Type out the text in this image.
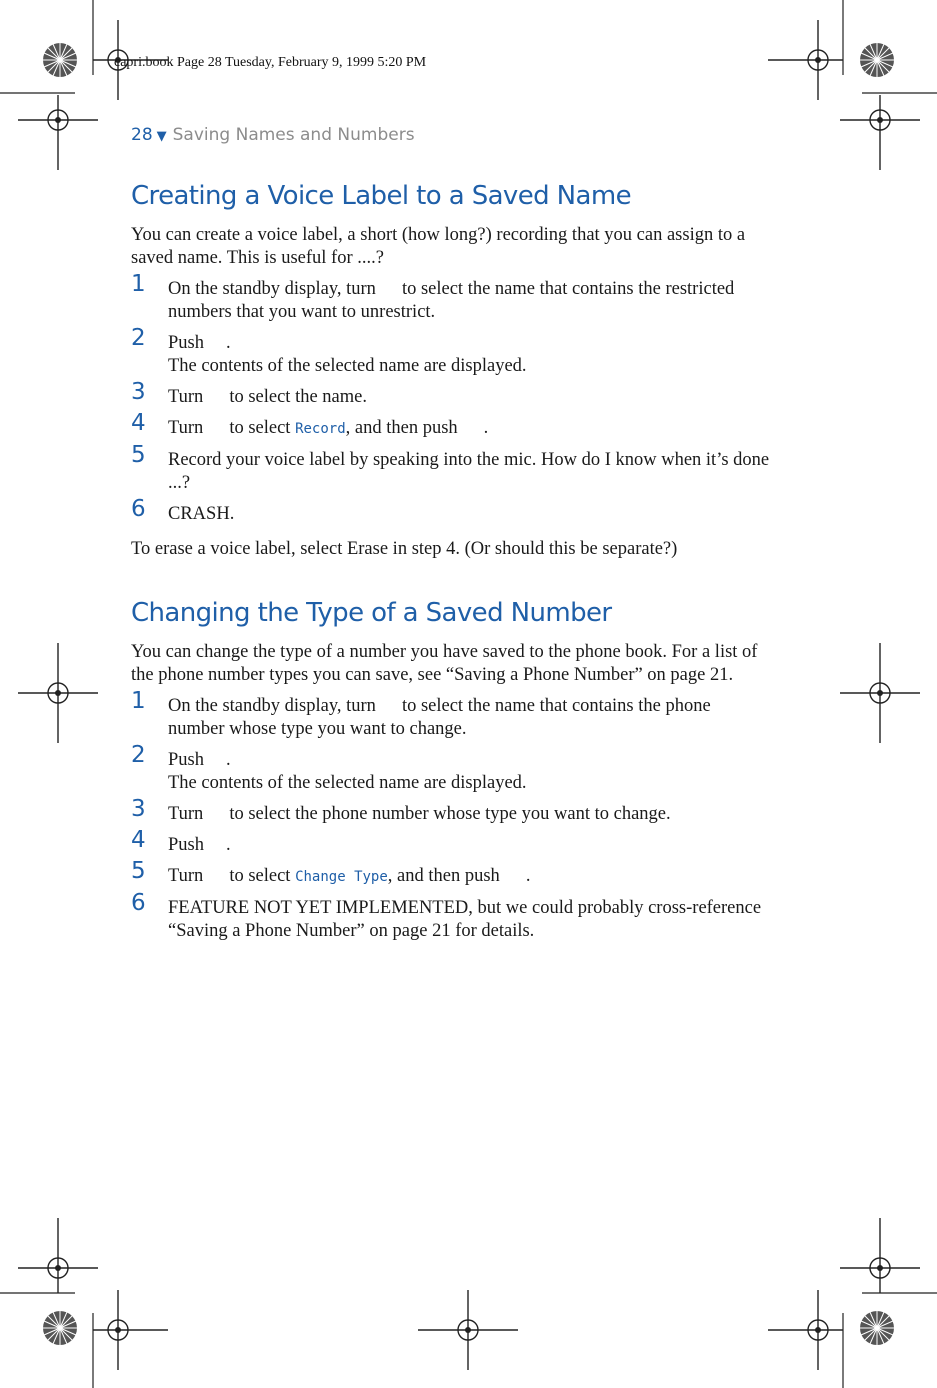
capri.book Page 28 Tuesday, February 9, 1999 5:20 PM
28 ▼ Saving Names and Numbers
Creating a Voice Label to a Saved Name

You can create a voice label, a short (how long?) recording that you can assign to a saved name. This is useful for ....?

1 On the standby display, turn to select the name that contains the restricted numbers that you want to unrestrict.
2 Push .
The contents of the selected name are displayed.
3 Turn to select the name.
4 Turn to select Record, and then push .
5 Record your voice label by speaking into the mic. How do I know when it’s done ...?
6 CRASH.

To erase a voice label, select Erase in step 4. (Or should this be separate?)

Changing the Type of a Saved Number

You can change the type of a number you have saved to the phone book. For a list of the phone number types you can save, see “Saving a Phone Number” on page 21.

1 On the standby display, turn to select the name that contains the phone number whose type you want to change.
2 Push .
The contents of the selected name are displayed.
3 Turn to select the phone number whose type you want to change.
4 Push .
5 Turn to select Change Type, and then push .
6 FEATURE NOT YET IMPLEMENTED, but we could probably cross-reference “Saving a Phone Number” on page 21 for details.
